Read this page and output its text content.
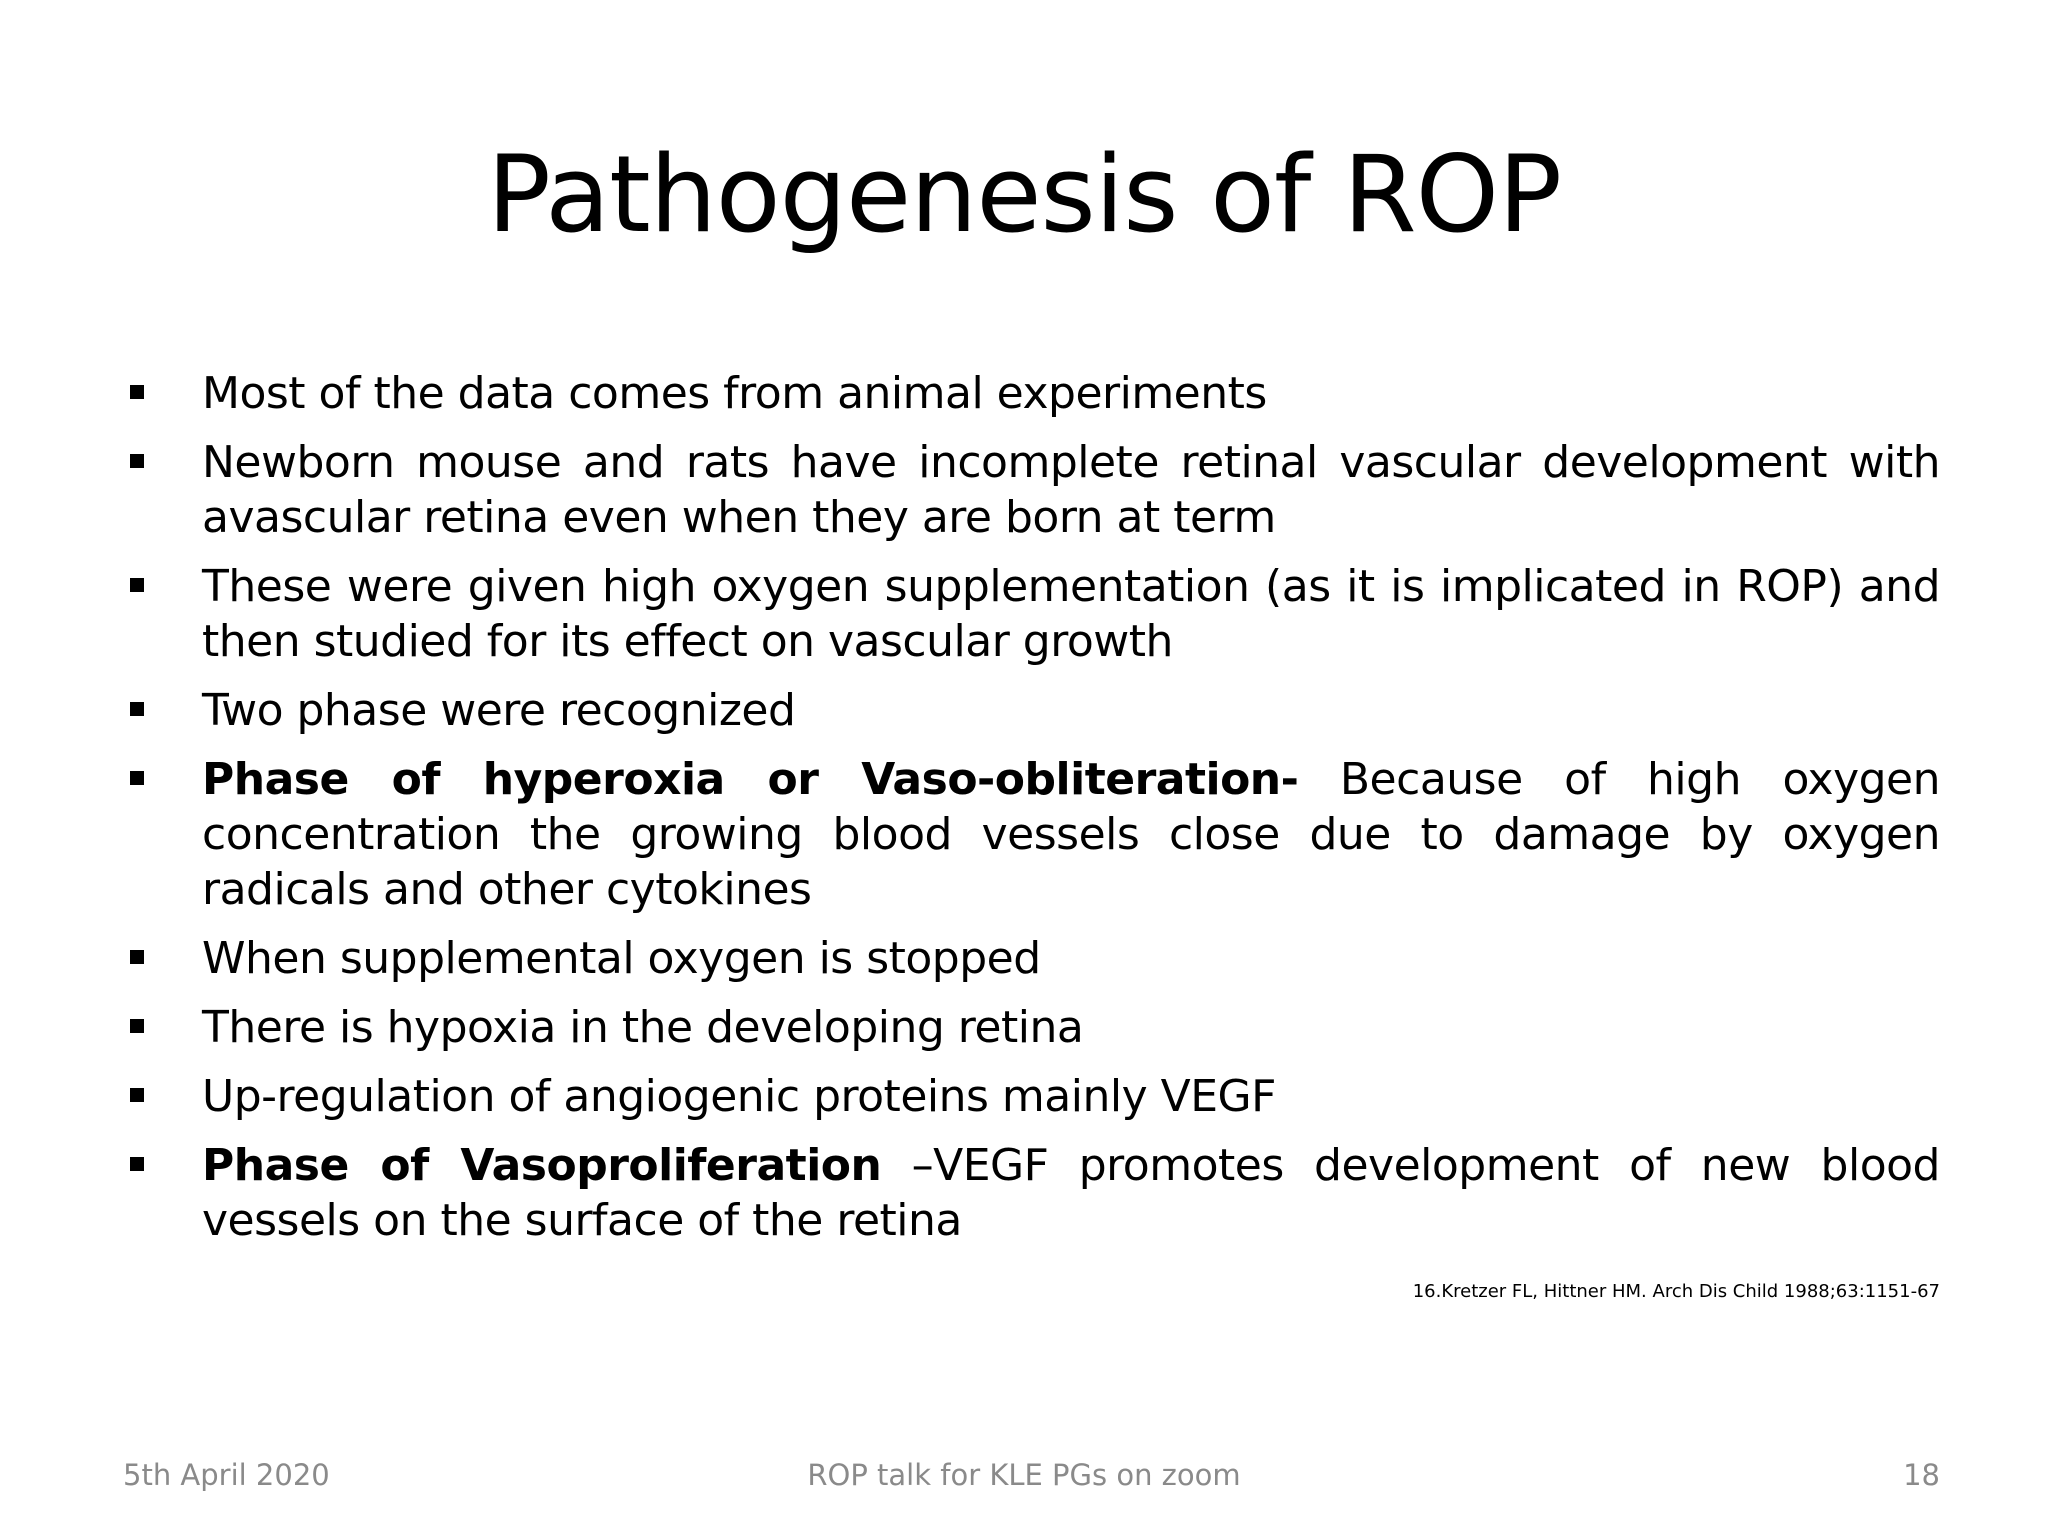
Pathogenesis of ROP
Most of the data comes from animal experiments
Newborn mouse and rats have incomplete retinal vascular development with avascular retina even when they are born at term
These were given high oxygen supplementation (as it is implicated in ROP) and then studied for its effect on vascular growth
Two phase were recognized
Phase of hyperoxia or Vaso-obliteration- Because of high oxygen concentration the growing blood vessels close due to damage by oxygen radicals and other cytokines
When supplemental oxygen is stopped
There is hypoxia in the developing retina
Up-regulation of angiogenic proteins mainly VEGF
Phase of Vasoproliferation –VEGF promotes development of new blood vessels on the surface of the retina
16.Kretzer FL, Hittner HM. Arch Dis Child 1988;63:1151-67
5th April 2020	ROP talk for KLE PGs on zoom	18
